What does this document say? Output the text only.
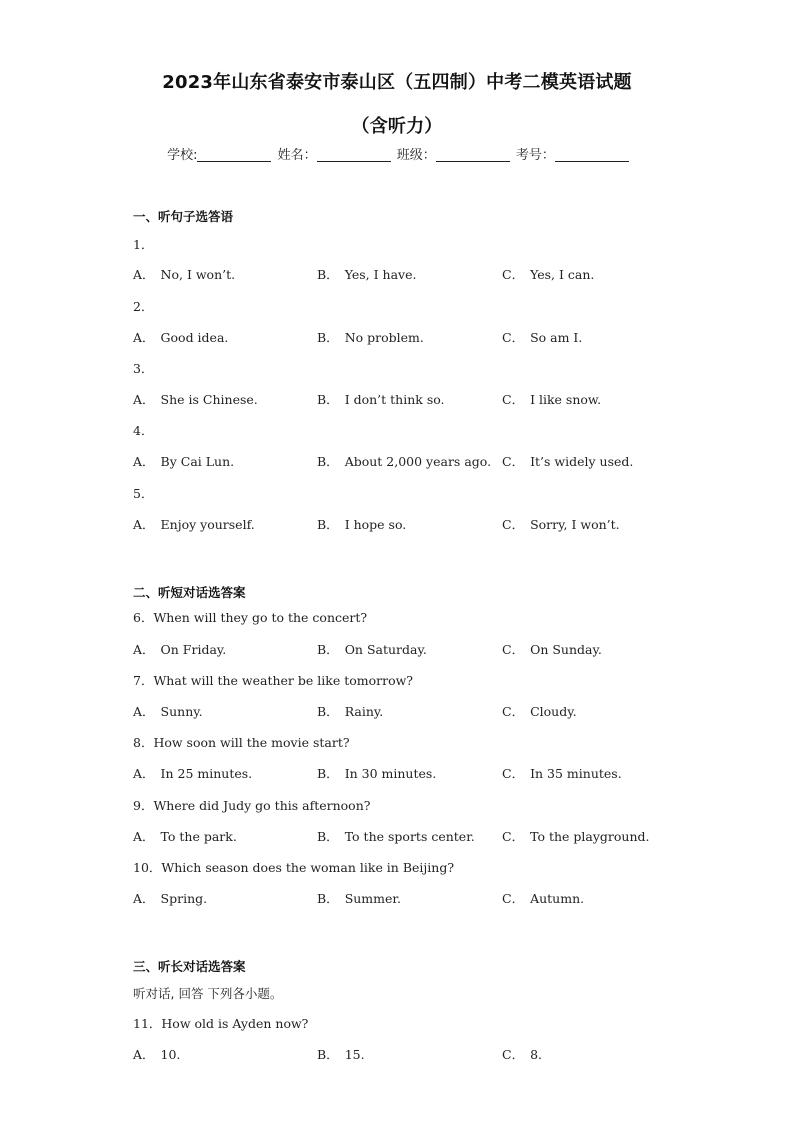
2023年山东省泰安市泰山区（五四制）中考二模英语试题
（含听力）
学校:	姓名：	班级：	考号：
一、听句子选答语
1．
A． No, I won’t.	B． Yes, I have.	C． Yes, I can.
2．
A． Good idea.	B． No problem.	C． So am I.
3．
A． She is Chinese.	B． I don’t think so.	C． I like snow.
4．
A． By Cai Lun.	B． About 2,000 years ago. C． It’s widely used.
5．
A． Enjoy yourself.	B． I hope so.	C． Sorry, I won’t.
二、听短对话选答案
6．When will they go to the concert?
A． On Friday.	B． On Saturday.	C． On Sunday.
7．What will the weather be like tomorrow?
A． Sunny.	B． Rainy.	C． Cloudy.
8．How soon will the movie start?
A． In 25 minutes.	B． In 30 minutes.	C． In 35 minutes.
9．Where did Judy go this afternoon?
A． To the park.	B． To the sports center. C． To the playground.
10．Which season does the woman like in Beijing?
A． Spring.	B． Summer.	C． Autumn.
三、听长对话选答案
听对话, 回答 下列各小题。
11．How old is Ayden now?
A． 10.	B． 15.	C． 8.
